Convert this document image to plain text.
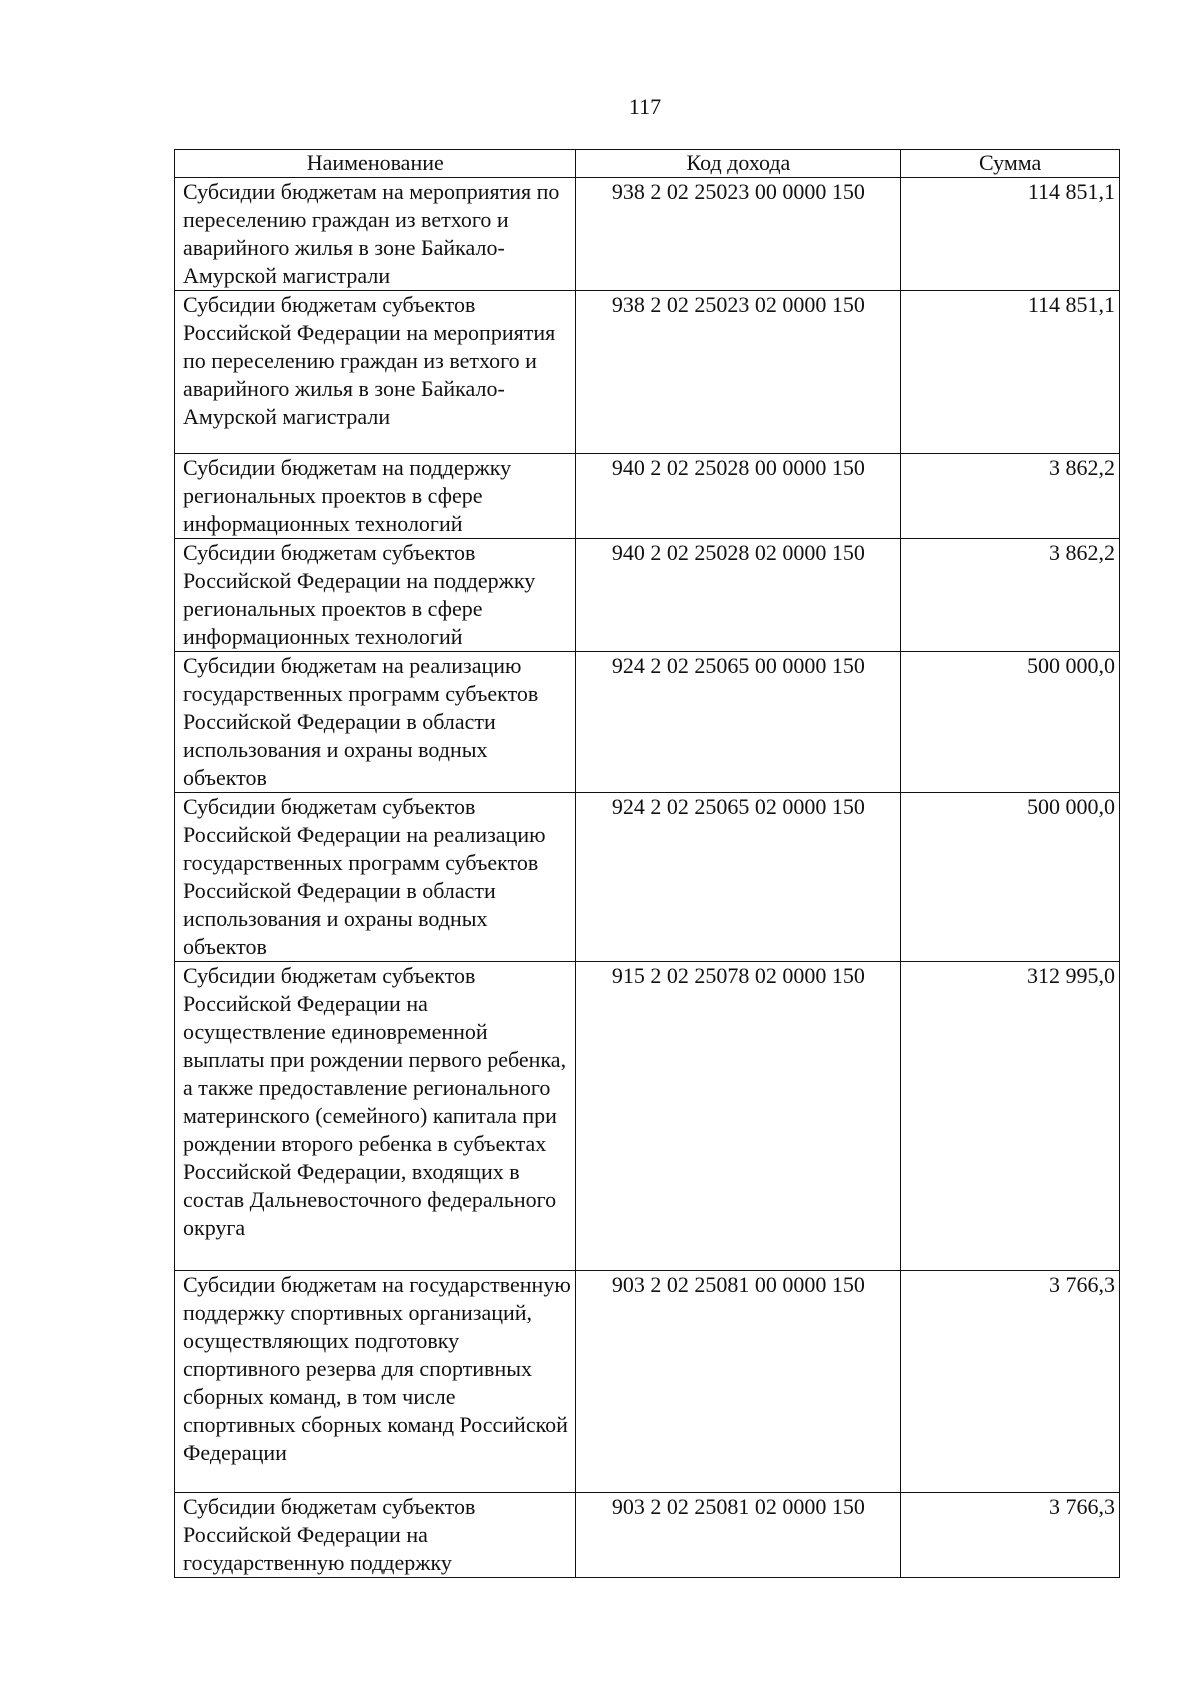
117
Наименование	Код дохода	Сумма
Субсидии бюджетам на мероприятия по переселению граждан из ветхого и аварийного жилья в зоне Байкало-Амурской магистрали	938 2 02 25023 00 0000 150	114 851,1
Субсидии бюджетам субъектов Российской Федерации на мероприятия по переселению граждан из ветхого и аварийного жилья в зоне Байкало-Амурской магистрали	938 2 02 25023 02 0000 150	114 851,1
Субсидии бюджетам на поддержку региональных проектов в сфере информационных технологий	940 2 02 25028 00 0000 150	3 862,2
Субсидии бюджетам субъектов Российской Федерации на поддержку региональных проектов в сфере информационных технологий	940 2 02 25028 02 0000 150	3 862,2
Субсидии бюджетам на реализацию государственных программ субъектов Российской Федерации в области использования и охраны водных объектов	924 2 02 25065 00 0000 150	500 000,0
Субсидии бюджетам субъектов Российской Федерации на реализацию государственных программ субъектов Российской Федерации в области использования и охраны водных объектов	924 2 02 25065 02 0000 150	500 000,0
Субсидии бюджетам субъектов Российской Федерации на осуществление единовременной выплаты при рождении первого ребенка, а также предоставление регионального материнского (семейного) капитала при рождении второго ребенка в субъектах Российской Федерации, входящих в состав Дальневосточного федерального округа	915 2 02 25078 02 0000 150	312 995,0
Субсидии бюджетам на государственную поддержку спортивных организаций, осуществляющих подготовку спортивного резерва для спортивных сборных команд, в том числе спортивных сборных команд Российской Федерации	903 2 02 25081 00 0000 150	3 766,3
Субсидии бюджетам субъектов Российской Федерации на государственную поддержку	903 2 02 25081 02 0000 150	3 766,3
